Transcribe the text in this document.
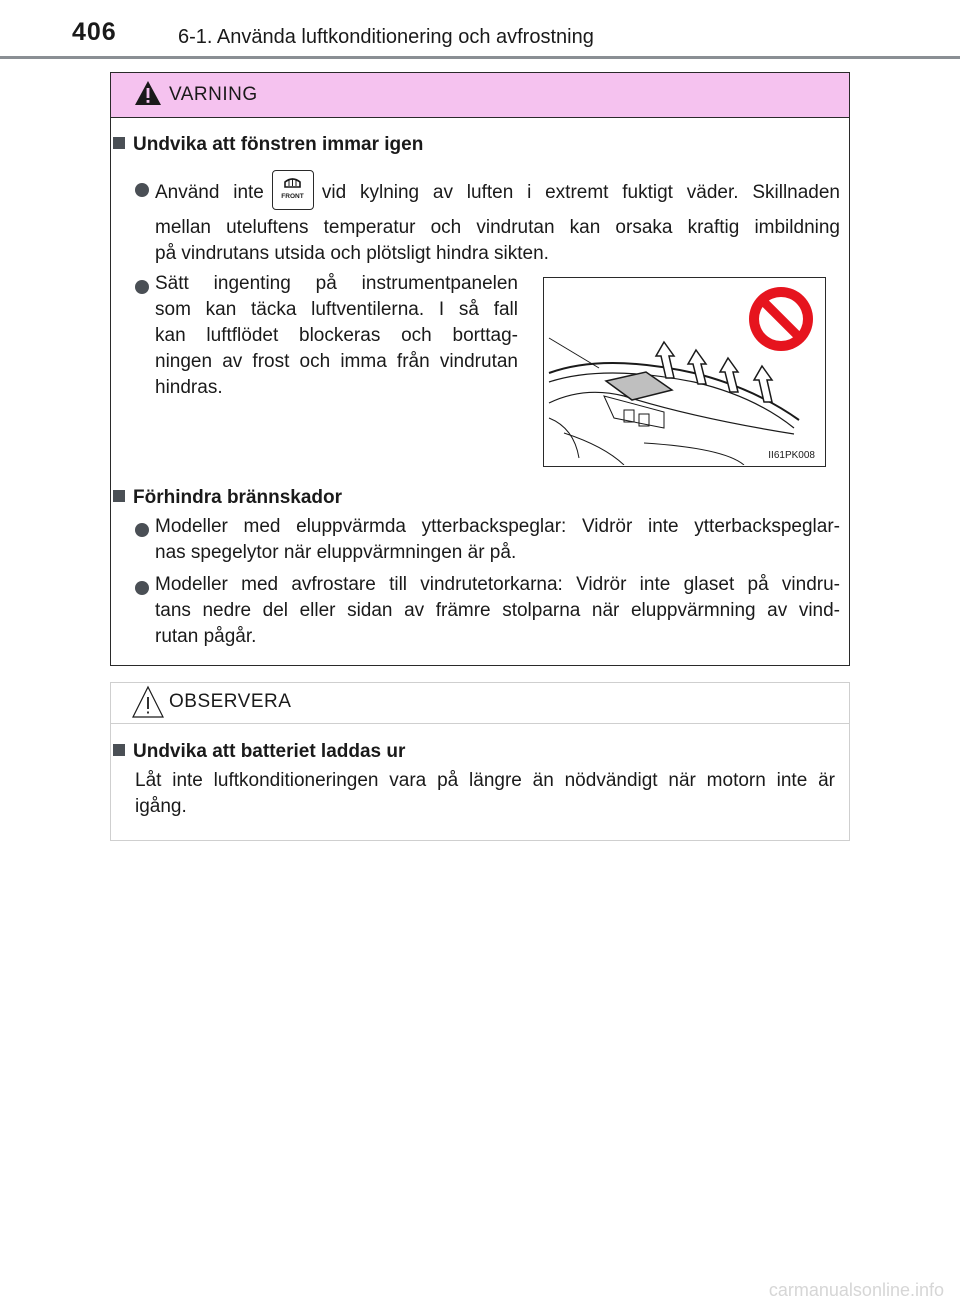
406	6-1. Använda luftkonditionering och avfrostning
VARNING
Undvika att fönstren immar igen
Använd inte	FRONT vid kylning av luften i extremt fuktigt väder. Skillnaden
mellan uteluftens temperatur och vindrutan kan orsaka kraftig imbildning
på vindrutans utsida och plötsligt hindra sikten.
Sätt ingenting på instrumentpanelen
som kan täcka luftventilerna. I så fall
kan luftflödet blockeras och borttag-
ningen av frost och imma från vindrutan
hindras.
II61PK008
Förhindra brännskador
Modeller med eluppvärmda ytterbackspeglar: Vidrör inte ytterbackspeglar-
nas spegelytor när eluppvärmningen är på.
Modeller med avfrostare till vindrutetorkarna: Vidrör inte glaset på vindru-
tans nedre del eller sidan av främre stolparna när eluppvärmning av vind-
rutan pågår.
OBSERVERA
Undvika att batteriet laddas ur
Låt inte luftkonditioneringen vara på längre än nödvändigt när motorn inte är
igång.
carmanualsonline.info
